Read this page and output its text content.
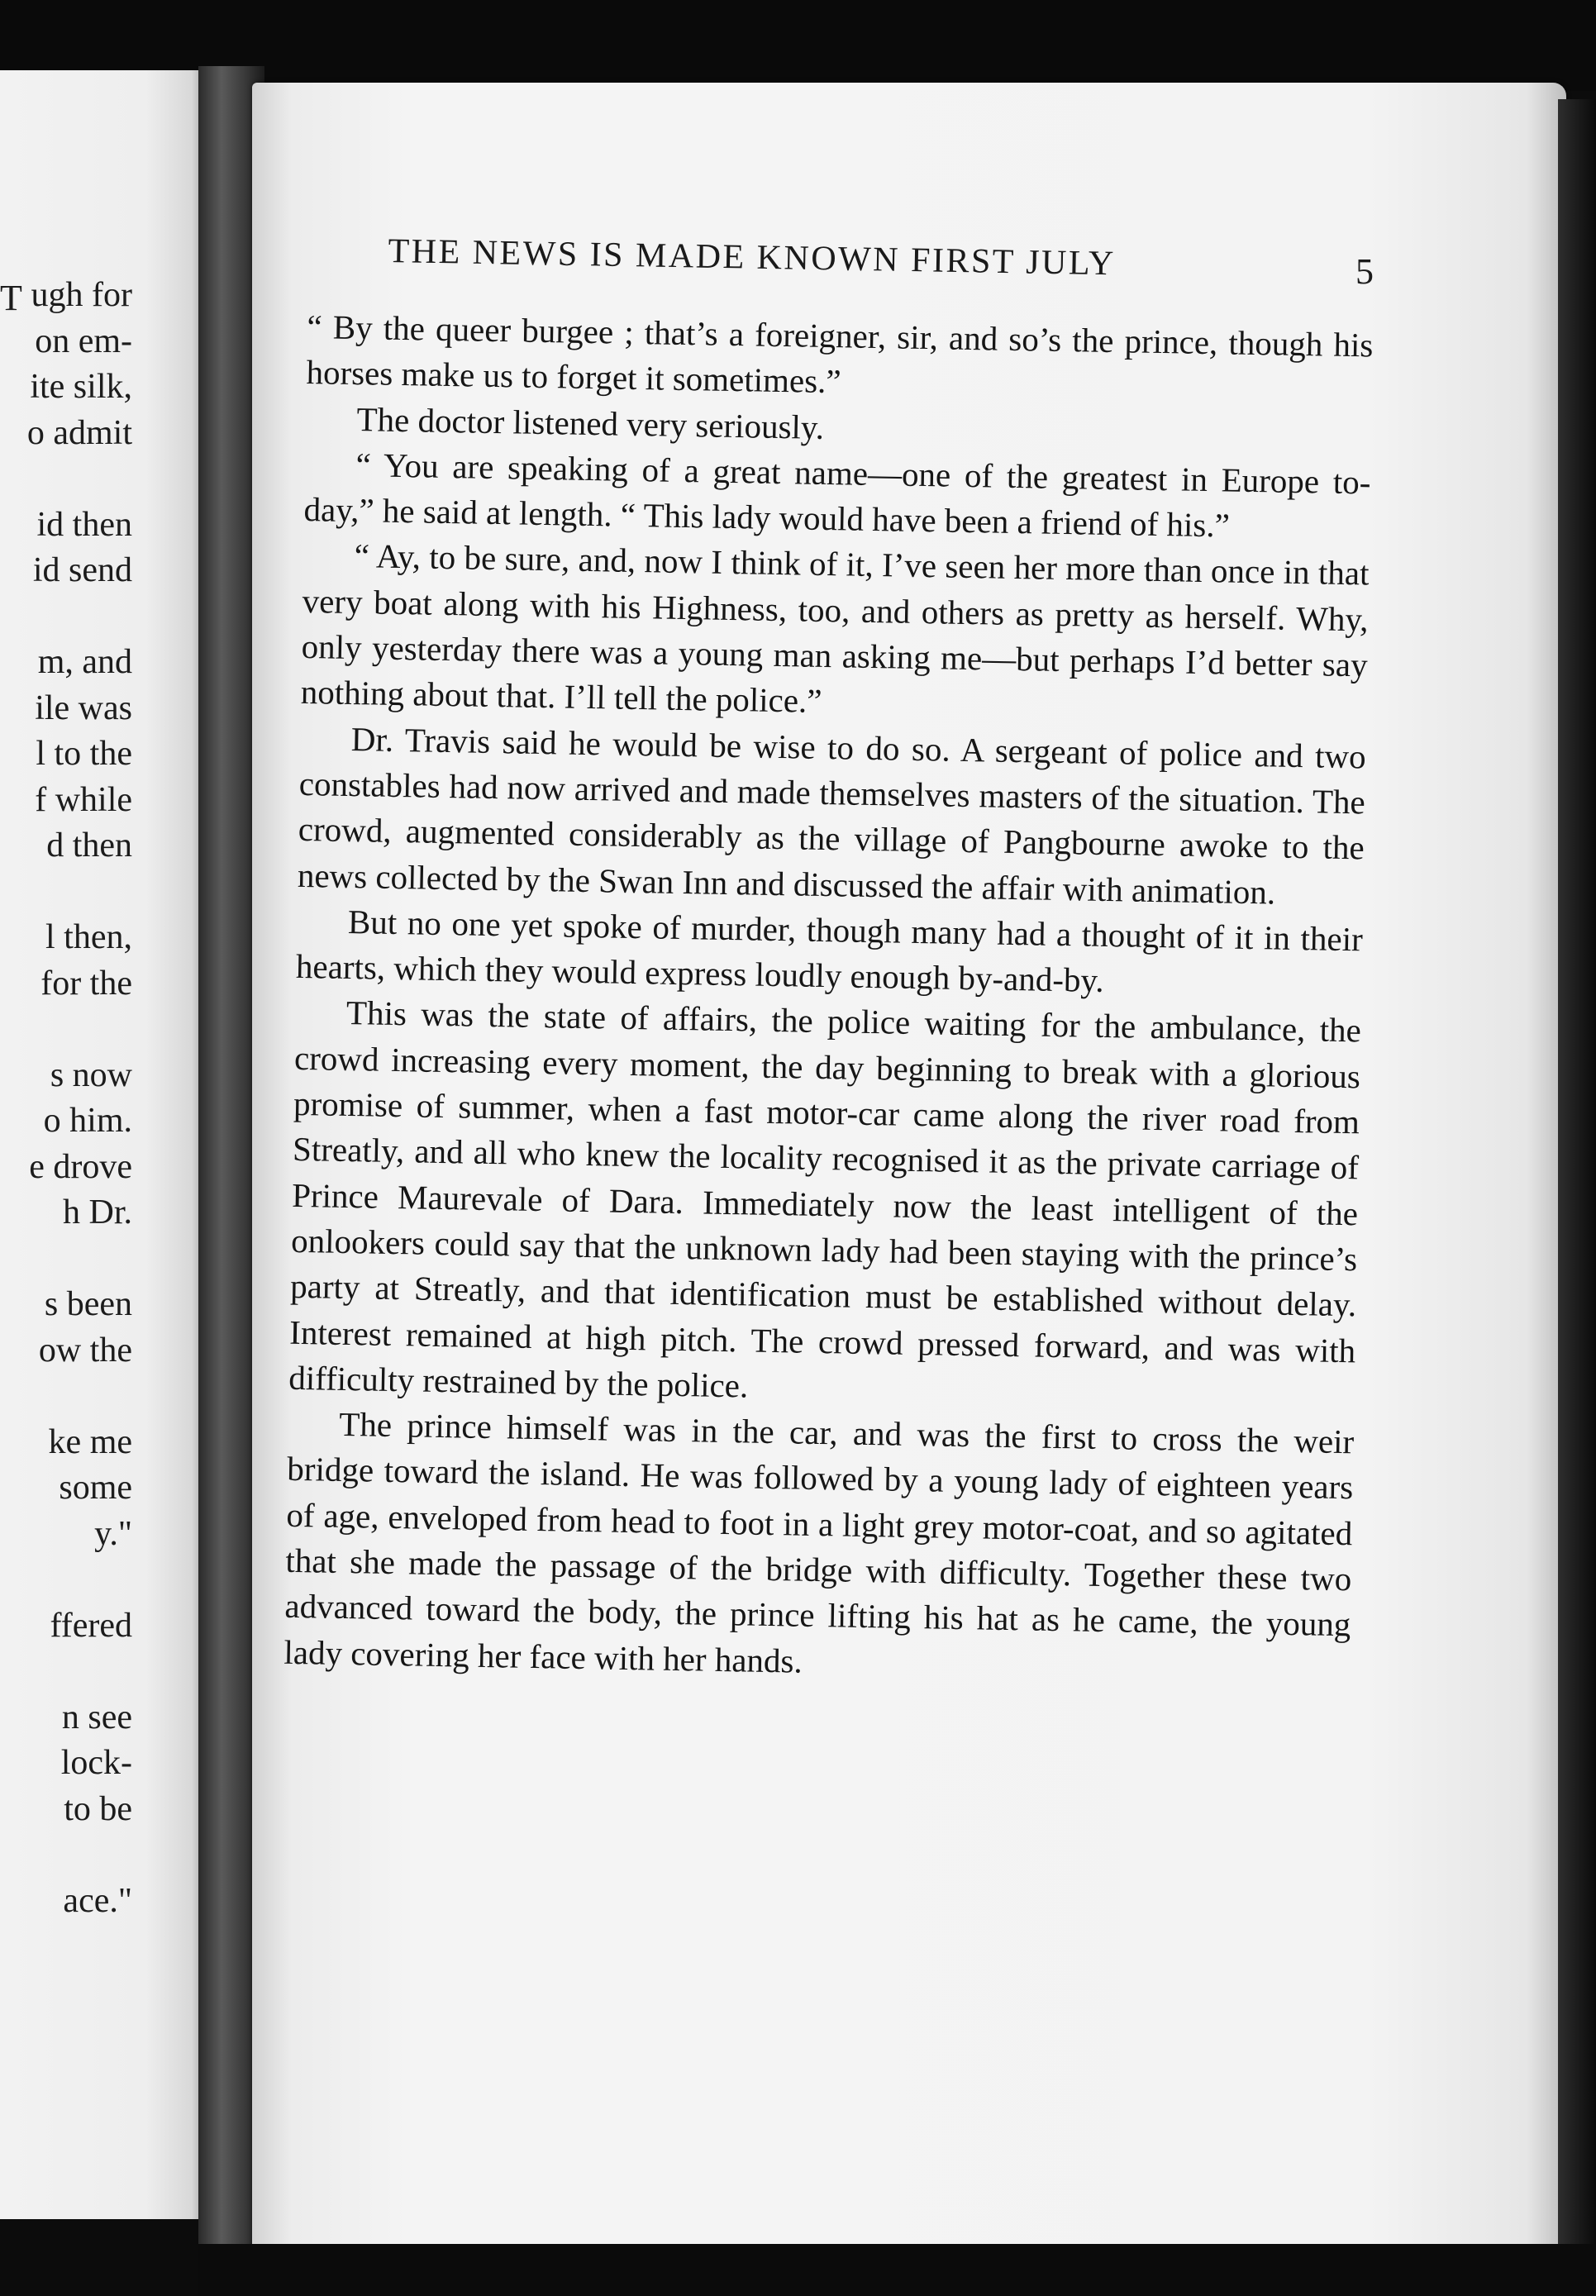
T ugh for
on em-
ite silk,
o admit
id then
id send
m, and
ile was
l to the
f while
d then
l then,
for the
s now
o him.
e drove
h Dr.
s been
ow the
ke me
some
y."
ffered
n see
lock-
to be
ace."
THE NEWS IS MADE KNOWN FIRST JULY	5

“ By the queer burgee ; that’s a foreigner, sir, and so’s the prince, though his horses make us to forget it sometimes.”

The doctor listened very seriously.

“ You are speaking of a great name—one of the greatest in Europe to-day,” he said at length. “ This lady would have been a friend of his.”

“ Ay, to be sure, and, now I think of it, I’ve seen her more than once in that very boat along with his Highness, too, and others as pretty as herself. Why, only yesterday there was a young man asking me—but perhaps I’d better say nothing about that. I’ll tell the police.”

Dr. Travis said he would be wise to do so. A sergeant of police and two constables had now arrived and made themselves masters of the situation. The crowd, augmented considerably as the village of Pangbourne awoke to the news collected by the Swan Inn and discussed the affair with animation.

But no one yet spoke of murder, though many had a thought of it in their hearts, which they would express loudly enough by-and-by.

This was the state of affairs, the police waiting for the ambulance, the crowd increasing every moment, the day beginning to break with a glorious promise of summer, when a fast motor-car came along the river road from Streatly, and all who knew the locality recognised it as the private carriage of Prince Maurevale of Dara. Immediately now the least intelligent of the onlookers could say that the unknown lady had been staying with the prince’s party at Streatly, and that identification must be established without delay. Interest remained at high pitch. The crowd pressed forward, and was with difficulty restrained by the police.

The prince himself was in the car, and was the first to cross the weir bridge toward the island. He was followed by a young lady of eighteen years of age, enveloped from head to foot in a light grey motor-coat, and so agitated that she made the passage of the bridge with difficulty. Together these two advanced toward the body, the prince lifting his hat as he came, the young lady covering her face with her hands.
